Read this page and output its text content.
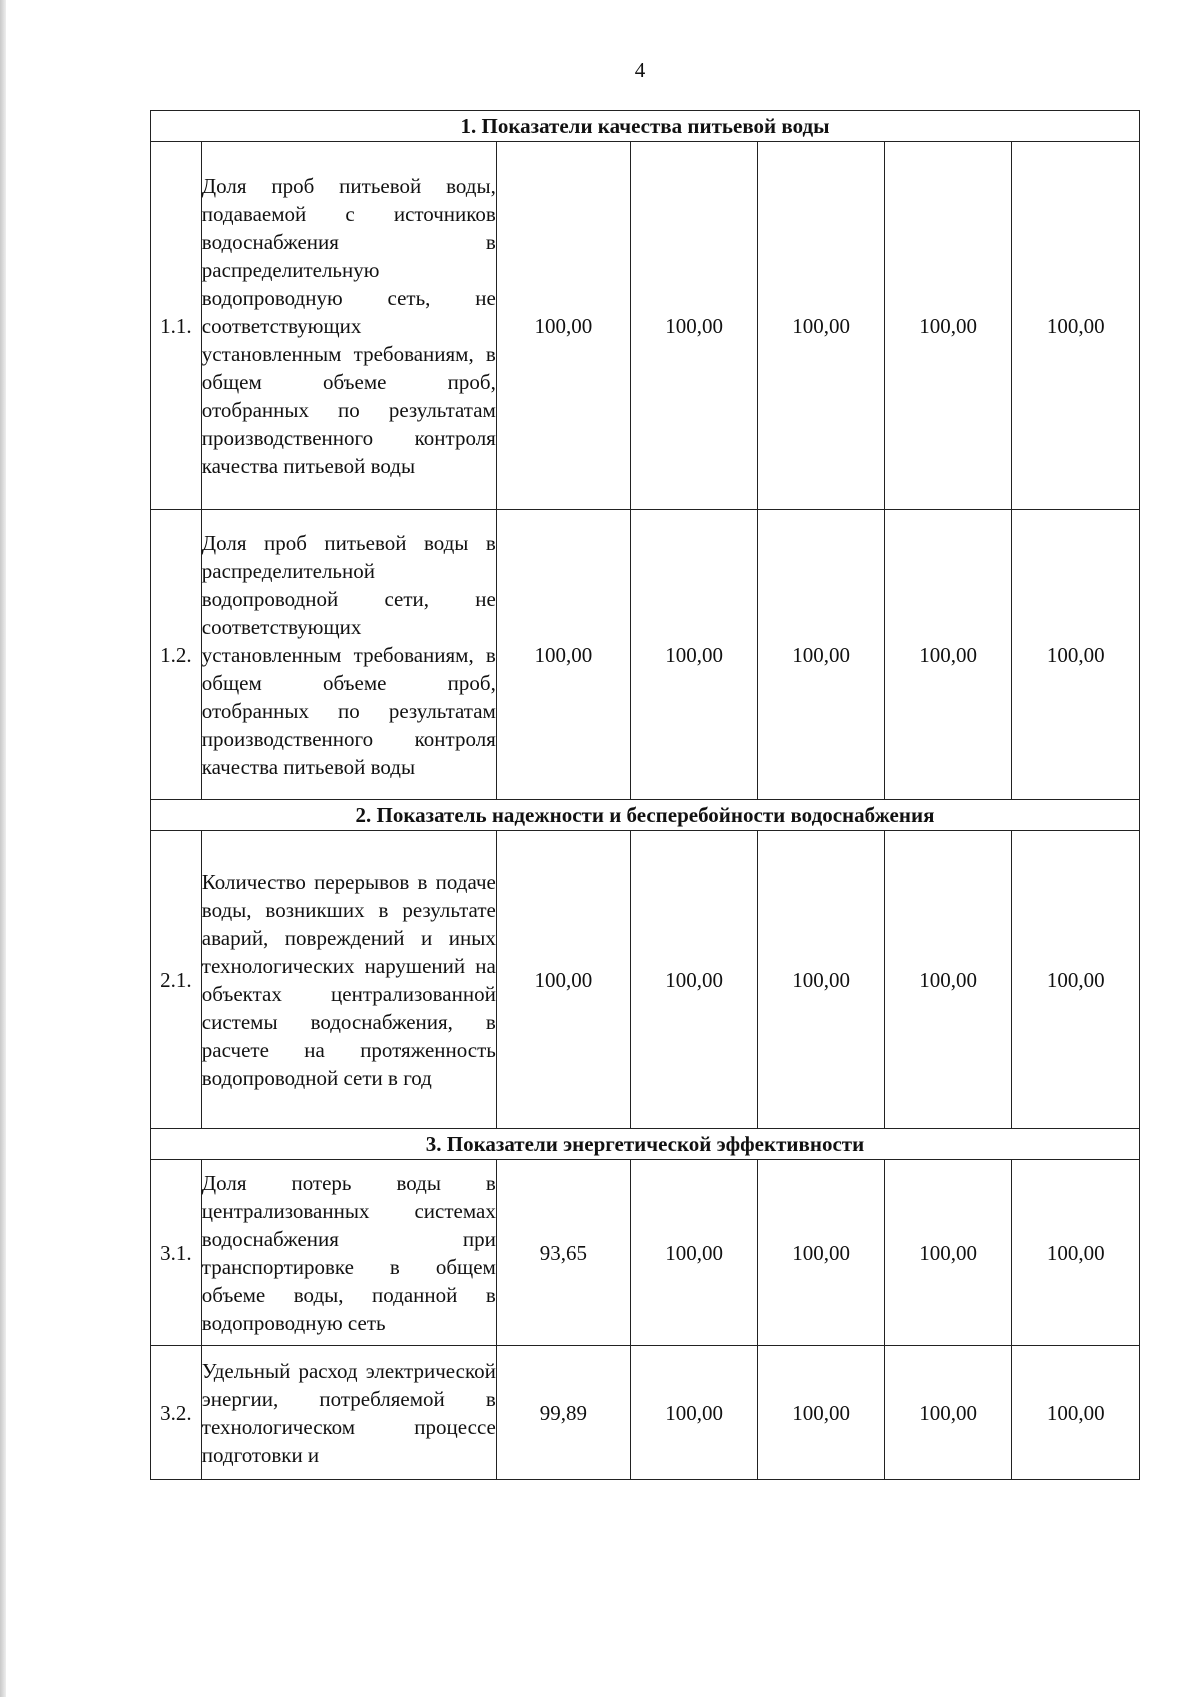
4
1. Показатели качества питьевой воды						
1.1.	Доля проб питьевой воды, подаваемой с источников водоснабжения в распределительную водопроводную сеть, не соответствующих установленным требованиям, в общем объеме проб, отобранных по результатам производственного контроля качества питьевой воды	100,00	100,00	100,00	100,00	100,00
1.2.	Доля проб питьевой воды в распределительной водопроводной сети, не соответствующих установленным требованиям, в общем объеме проб, отобранных по результатам производственного контроля качества питьевой воды	100,00	100,00	100,00	100,00	100,00
2. Показатель надежности и бесперебойности водоснабжения						
2.1.	Количество перерывов в подаче воды, возникших в результате аварий, повреждений и иных технологических нарушений на объектах централизованной системы водоснабжения, в расчете на протяженность водопроводной сети в год	100,00	100,00	100,00	100,00	100,00
3. Показатели энергетической эффективности						
3.1.	Доля потерь воды в централизованных системах водоснабжения при транспортировке в общем объеме воды, поданной в водопроводную сеть	93,65	100,00	100,00	100,00	100,00
3.2.	Удельный расход электрической энергии, потребляемой в технологическом процессе подготовки и	99,89	100,00	100,00	100,00	100,00
